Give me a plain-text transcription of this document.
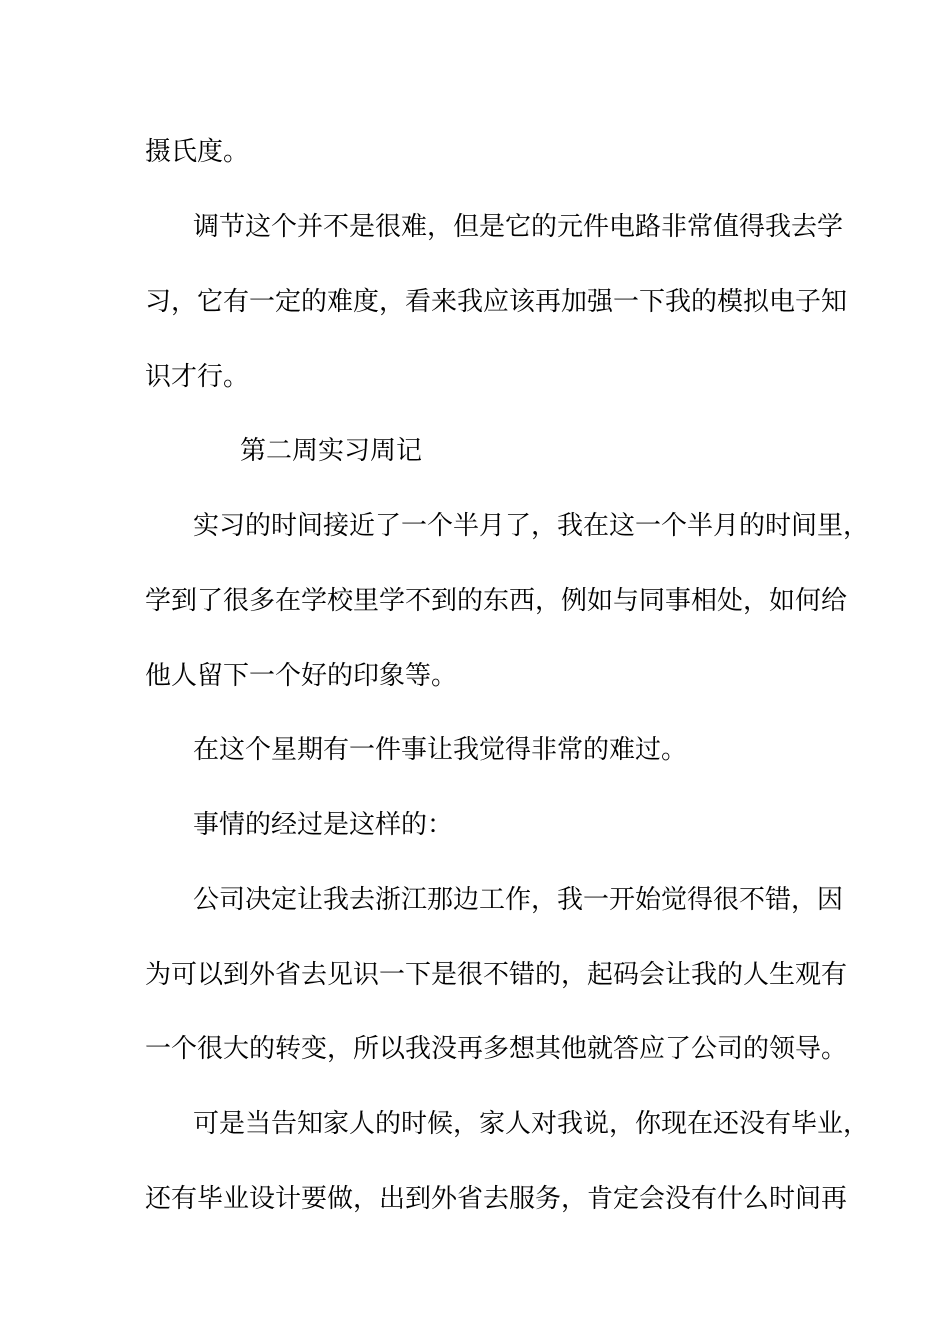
摄氏度。
调节这个并不是很难，但是它的元件电路非常值得我去学
习，它有一定的难度，看来我应该再加强一下我的模拟电子知
识才行。
第二周实习周记
实习的时间接近了一个半月了，我在这一个半月的时间里，
学到了很多在学校里学不到的东西，例如与同事相处，如何给
他人留下一个好的印象等。
在这个星期有一件事让我觉得非常的难过。
事情的经过是这样的：
公司决定让我去浙江那边工作，我一开始觉得很不错，因
为可以到外省去见识一下是很不错的，起码会让我的人生观有
一个很大的转变，所以我没再多想其他就答应了公司的领导。
可是当告知家人的时候，家人对我说，你现在还没有毕业，
还有毕业设计要做，出到外省去服务，肯定会没有什么时间再
